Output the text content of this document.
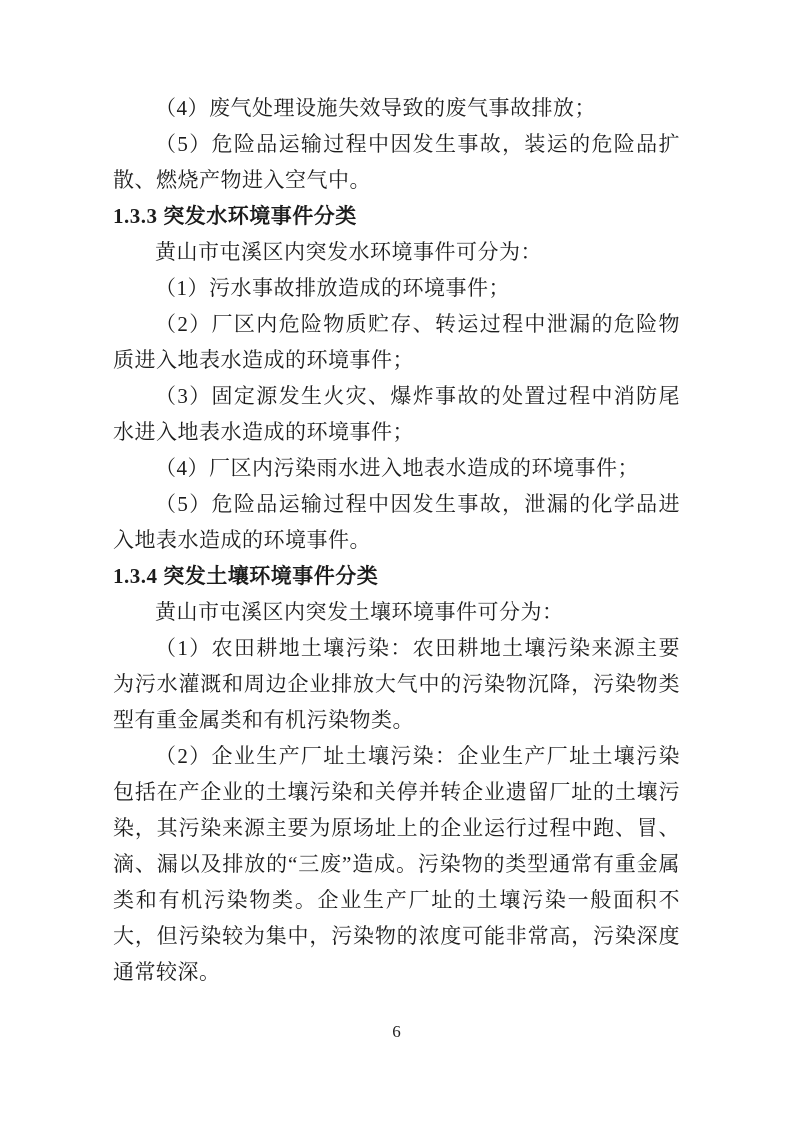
（4）废气处理设施失效导致的废气事故排放；

（5）危险品运输过程中因发生事故，装运的危险品扩散、燃烧产物进入空气中。

1.3.3 突发水环境事件分类

黄山市屯溪区内突发水环境事件可分为：

（1）污水事故排放造成的环境事件；

（2）厂区内危险物质贮存、转运过程中泄漏的危险物质进入地表水造成的环境事件；

（3）固定源发生火灾、爆炸事故的处置过程中消防尾水进入地表水造成的环境事件；

（4）厂区内污染雨水进入地表水造成的环境事件；

（5）危险品运输过程中因发生事故，泄漏的化学品进入地表水造成的环境事件。

1.3.4 突发土壤环境事件分类

黄山市屯溪区内突发土壤环境事件可分为：

（1）农田耕地土壤污染：农田耕地土壤污染来源主要为污水灌溉和周边企业排放大气中的污染物沉降，污染物类型有重金属类和有机污染物类。

（2）企业生产厂址土壤污染：企业生产厂址土壤污染包括在产企业的土壤污染和关停并转企业遗留厂址的土壤污染，其污染来源主要为原场址上的企业运行过程中跑、冒、滴、漏以及排放的“三废”造成。污染物的类型通常有重金属类和有机污染物类。企业生产厂址的土壤污染一般面积不大，但污染较为集中，污染物的浓度可能非常高，污染深度通常较深。

6
